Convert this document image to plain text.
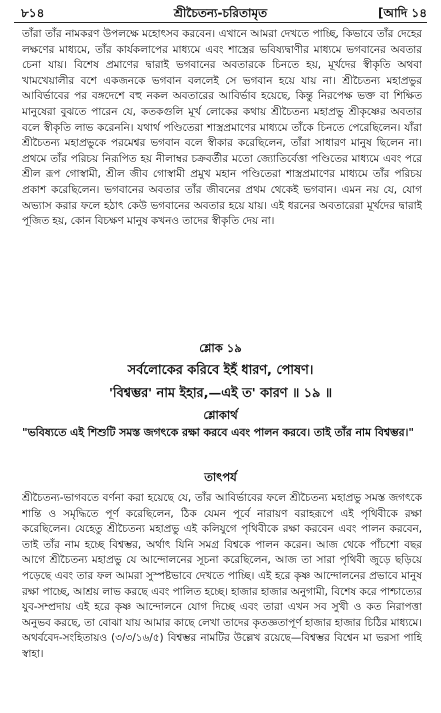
৮১৪	শ্রীচৈতন্য-চরিতামৃত	[আদি ১৪

তাঁরা তাঁর নামকরণ উপলক্ষে মহোৎসব করবেন। এখানে আমরা দেখতে পাচ্ছি, কিভাবে তাঁর দেহের লক্ষণের মাধ্যমে, তাঁর কার্যকলাপের মাধ্যমে এবং শাস্ত্রের ভবিষ্যদ্বাণীর মাধ্যমে ভগবানের অবতার চেনা যায়। বিশেষ প্রমাণের দ্বারাই ভগবানের অবতারকে চিনতে হয়, মূর্খদের স্বীকৃতি অথবা খামখেয়ালীর বশে একজনকে ভগবান বললেই সে ভগবান হয়ে যায় না। শ্রীচৈতন্য মহাপ্রভুর আবির্ভাবের পর বঙ্গদেশে বহু নকল অবতারের আবির্ভাব হয়েছে, কিন্তু নিরপেক্ষ ভক্ত বা শিক্ষিত মানুষেরা বুঝতে পারেন যে, কতকগুলি মূর্খ লোকের কথায় শ্রীচৈতন্য মহাপ্রভু শ্রীকৃষ্ণের অবতার বলে স্বীকৃতি লাভ করেননি। যথার্থ পণ্ডিতেরা শাস্ত্রপ্রমাণের মাধ্যমে তাঁকে চিনতে পেরেছিলেন। যাঁরা শ্রীচৈতন্য মহাপ্রভুকে পরমেশ্বর ভগবান বলে স্বীকার করেছিলেন, তাঁরা সাধারণ মানুষ ছিলেন না। প্রথমে তাঁর পরিচয় নিরূপিত হয় নীলাম্বর চক্রবর্তীর মতো জ্যোতির্বেত্তা পণ্ডিতের মাধ্যমে এবং পরে শ্রীল রূপ গোস্বামী, শ্রীল জীব গোস্বামী প্রমুখ মহান পণ্ডিতেরা শাস্ত্রপ্রমাণের মাধ্যমে তাঁর পরিচয় প্রকাশ করেছিলেন। ভগবানের অবতার তাঁর জীবনের প্রথম থেকেই ভগবান। এমন নয় যে, যোগ অভ্যাস করার ফলে হঠাৎ কেউ ভগবানের অবতার হয়ে যায়। এই ধরনের অবতারেরা মূর্খদের দ্বারাই পূজিত হয়, কোন বিচক্ষণ মানুষ কখনও তাদের স্বীকৃতি দেয় না।

শ্লোক ১৯
সর্বলোকের করিবে ইহঁ ধারণ, পোষণ।
'বিশ্বম্ভর' নাম ইহার,—এই ত' কারণ ॥ ১৯ ॥
শ্লোকার্থ

"ভবিষ্যতে এই শিশুটি সমস্ত জগৎকে রক্ষা করবে এবং পালন করবে। তাই তাঁর নাম বিশ্বম্ভর।"

তাৎপর্য

শ্রীচৈতন্য-ভাগবতে বর্ণনা করা হয়েছে যে, তাঁর আবির্ভাবের ফলে শ্রীচৈতন্য মহাপ্রভু সমস্ত জগৎকে শান্তি ও সমৃদ্ধিতে পূর্ণ করেছিলেন, ঠিক যেমন পূর্বে নারায়ণ বরাহরূপে এই পৃথিবীকে রক্ষা করেছিলেন। যেহেতু শ্রীচৈতন্য মহাপ্রভু এই কলিযুগে পৃথিবীকে রক্ষা করবেন এবং পালন করবেন, তাই তাঁর নাম হচ্ছে বিশ্বম্ভর, অর্থাৎ যিনি সমগ্র বিশ্বকে পালন করেন। আজ থেকে পাঁচশো বছর আগে শ্রীচৈতন্য মহাপ্রভু যে আন্দোলনের সূচনা করেছিলেন, আজ তা সারা পৃথিবী জুড়ে ছড়িয়ে পড়েছে এবং তার ফল আমরা সুস্পষ্টভাবে দেখতে পাচ্ছি। এই হরে কৃষ্ণ আন্দোলনের প্রভাবে মানুষ রক্ষা পাচ্ছে, আশ্রয় লাভ করছে এবং পালিত হচ্ছে। হাজার হাজার অনুগামী, বিশেষ করে পাশ্চাত্যের যুব-সম্প্রদায় এই হরে কৃষ্ণ আন্দোলনে যোগ দিচ্ছে এবং তারা এখন সব সুখী ও কত নিরাপত্তা অনুভব করছে, তা বোঝা যায় আমার কাছে লেখা তাদের কৃতজ্ঞতাপূর্ণ হাজার হাজার চিঠির মাধ্যমে। অথর্ববেদ-সংহিতায়ও (৩/৩/১৬/৫) বিশ্বম্ভর নামটির উল্লেখ রয়েছে—বিশ্বম্ভর বিশ্বেন মা ভরসা পাহি স্বাহা।
